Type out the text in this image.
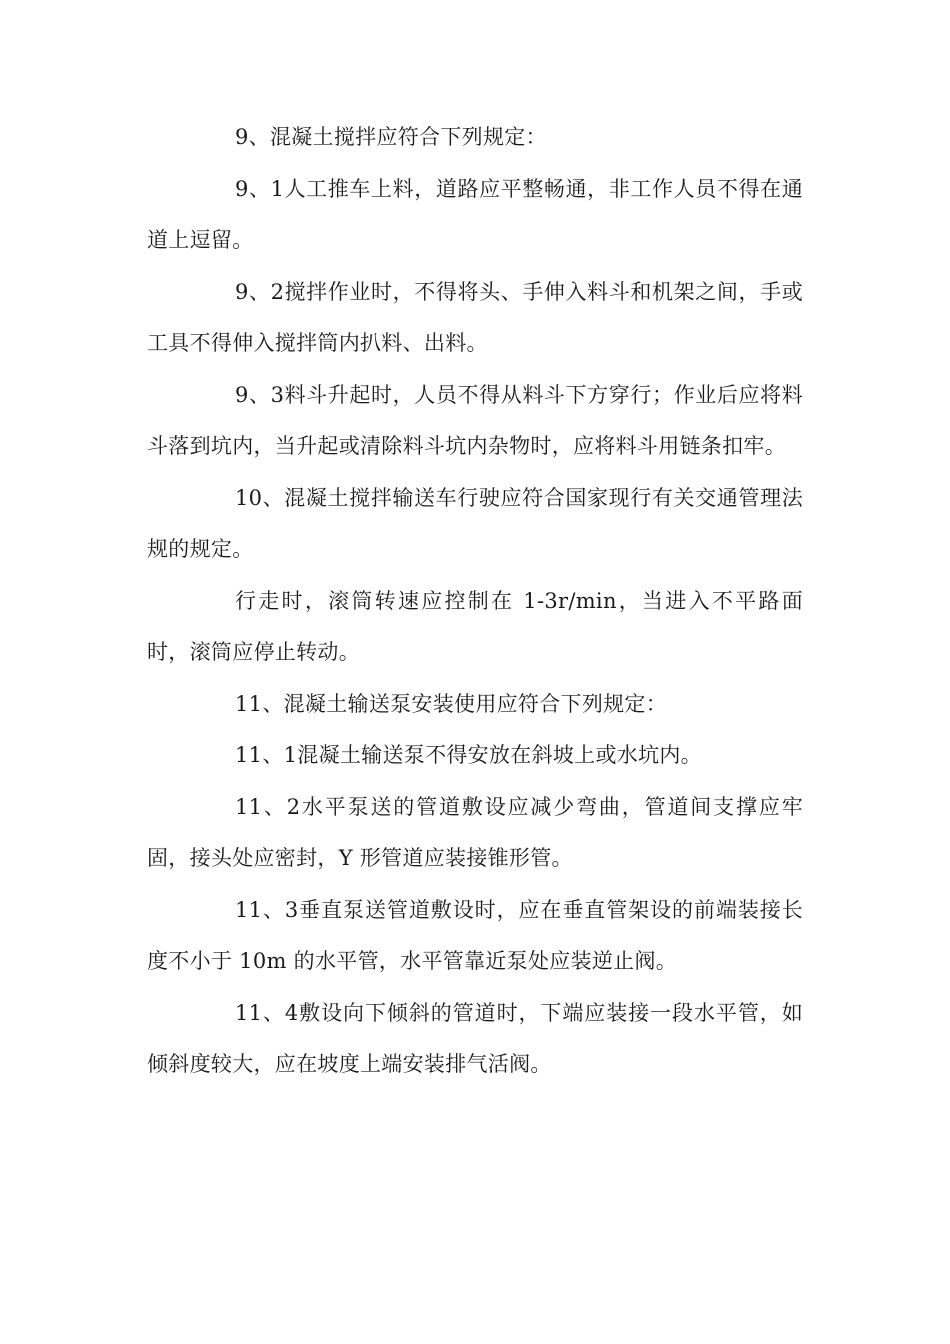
9、混凝土搅拌应符合下列规定：

9、1人工推车上料，道路应平整畅通，非工作人员不得在通道上逗留。

9、2搅拌作业时，不得将头、手伸入料斗和机架之间，手或工具不得伸入搅拌筒内扒料、出料。

9、3料斗升起时，人员不得从料斗下方穿行；作业后应将料斗落到坑内，当升起或清除料斗坑内杂物时，应将料斗用链条扣牢。

10、混凝土搅拌输送车行驶应符合国家现行有关交通管理法规的规定。

行走时，滚筒转速应控制在 1-3r/min，当进入不平路面时，滚筒应停止转动。

11、混凝土输送泵安装使用应符合下列规定：

11、1混凝土输送泵不得安放在斜坡上或水坑内。

11、2水平泵送的管道敷设应减少弯曲，管道间支撑应牢固，接头处应密封，Y 形管道应装接锥形管。

11、3垂直泵送管道敷设时，应在垂直管架设的前端装接长度不小于 10m 的水平管，水平管靠近泵处应装逆止阀。

11、4敷设向下倾斜的管道时，下端应装接一段水平管，如倾斜度较大，应在坡度上端安装排气活阀。
